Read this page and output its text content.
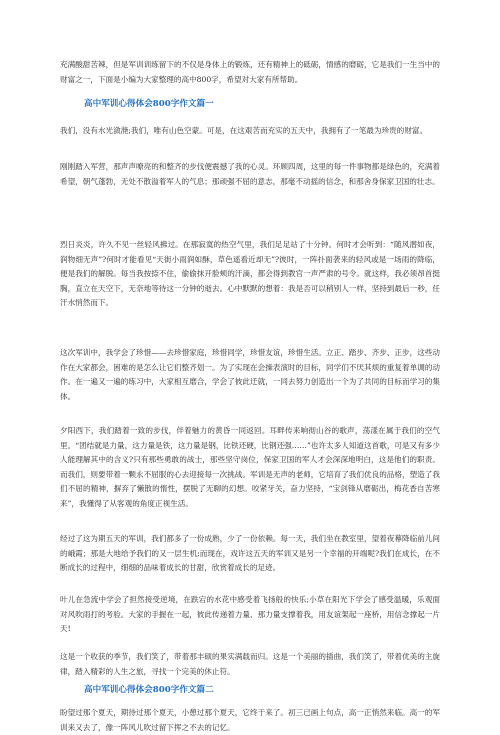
充满酸甜苦辣，但是军训训练留下的不仅是身体上的锻炼，还有精神上的砥砺，情感的磨砺，它是我们一生当中的财富之一，下面是小编为大家整理的高中800字，希望对大家有所帮助。

高中军训心得体会800字作文篇一

我们，没有水光潋滟;我们，唯有山色空蒙。可是，在这艰苦而充实的五天中，我拥有了一笔最为珍贵的财富。

刚刚踏入军营，那声声嘹亮的和整齐的步伐便震撼了我的心灵。环顾四周，这里的每一件事物都是绿色的，充满着希望，朝气蓬勃，无处不散溢着军人的气息；那顽强不屈的意志，那毫不动摇的信念，和那舍身保家卫国的壮志。

烈日炎炎，许久不见一丝轻风拂过。在那寂寞的热空气里，我们足足站了十分钟。何时才会听到：“随风潜如夜，润物细无声”?何时才能看见“天街小雨润如酥，草色遥看近却无”?彼时，一阵扑面袭来的轻风或是一场雨的降临，便是我们的解脱。每当我按捺不住，偷偷抹开脸颊的汗滴，都会得到教官一声严肃的号令。就这样，我必须昂首挺胸，直立在天空下，无奈地等待这一分钟的逝去。心中默默的想着：我是否可以稍别人一样，坚持到最后一秒，任汗水悄然而下。

这次军训中，我学会了珍惜——去珍惜家庭，珍惜同学，珍惜友谊，珍惜生活。立正、踏步、齐步、正步，这些动作在大家都会，困难的是怎么让它们整齐划一。为了实现在会操表演时的目标，同学们不厌其烦的重复着单调的动作。在一遍又一遍的练习中，大家相互磨合，学会了彼此迁就，一同去努力创造出一个为了共同的目标而学习的集体。

夕阳西下，我们踏着一致的步伐，伴着魅力的黄昏一同返回。耳畔传来响彻山谷的歌声，荡漾在属于我们的空气里。“团结就是力量，这力量是铁，这力量是钢，比铁还硬，比钢还强……”也许太多人知道这首歌，可是又有多少人能理解其中的含义?只有那些勇敢的战士，那些坚守岗位，保家卫国的军人才会深深地明白，这是他们的职责。而我们，则要带着一颗永不屈服的心去迎接每一次挑战。军训是无声的老师，它培育了我们优良的品格，塑造了我们不屈的精神，摒弃了懒散的惰性，摆脱了无聊的幻想。咬紧牙关，奋力坚持，“宝剑锋从磨砺出，梅花香自苦寒来”，我懂得了从客观的角度正视生活。

经过了这为期五天的军训，我们都多了一份成熟，少了一份依赖。每一天，我们坐在教室里，望着夜幕降临前儿间的峨霞；那是大地给予我们的又一层生机;而现在，戏许这五天的军训又是另一个幸福的开端呢?我们在成长，在不断成长的过程中，细细的品味着成长的甘甜，欣赏着成长的足迹。

叶儿在急流中学会了担然接受逆境，在跌宕的水花中感受着飞扬般的快乐;小草在阳光下学会了感受温暖，乐观面对风吹雨打的考验。大家的手握在一起，彼此传递着力量、那力量支撑着我，用友谊架起一座桥，用信念撑起一片天!

这是一个收获的季节，我们笑了，带着那丰硕的果实满载而归。这是一个美丽的插曲，我们笑了，带着优美的主旋律，踏入精彩的人生之旅，寻找一个完美的休止符。

高中军训心得体会800字作文篇二

盼望过那个夏天，期待过那个夏天，小憩过那个夏天，它终于来了。初三已画上句点，高一正悄然来临。高一的军训来又去了，像一阵风儿吹过留下挥之不去的记忆。
